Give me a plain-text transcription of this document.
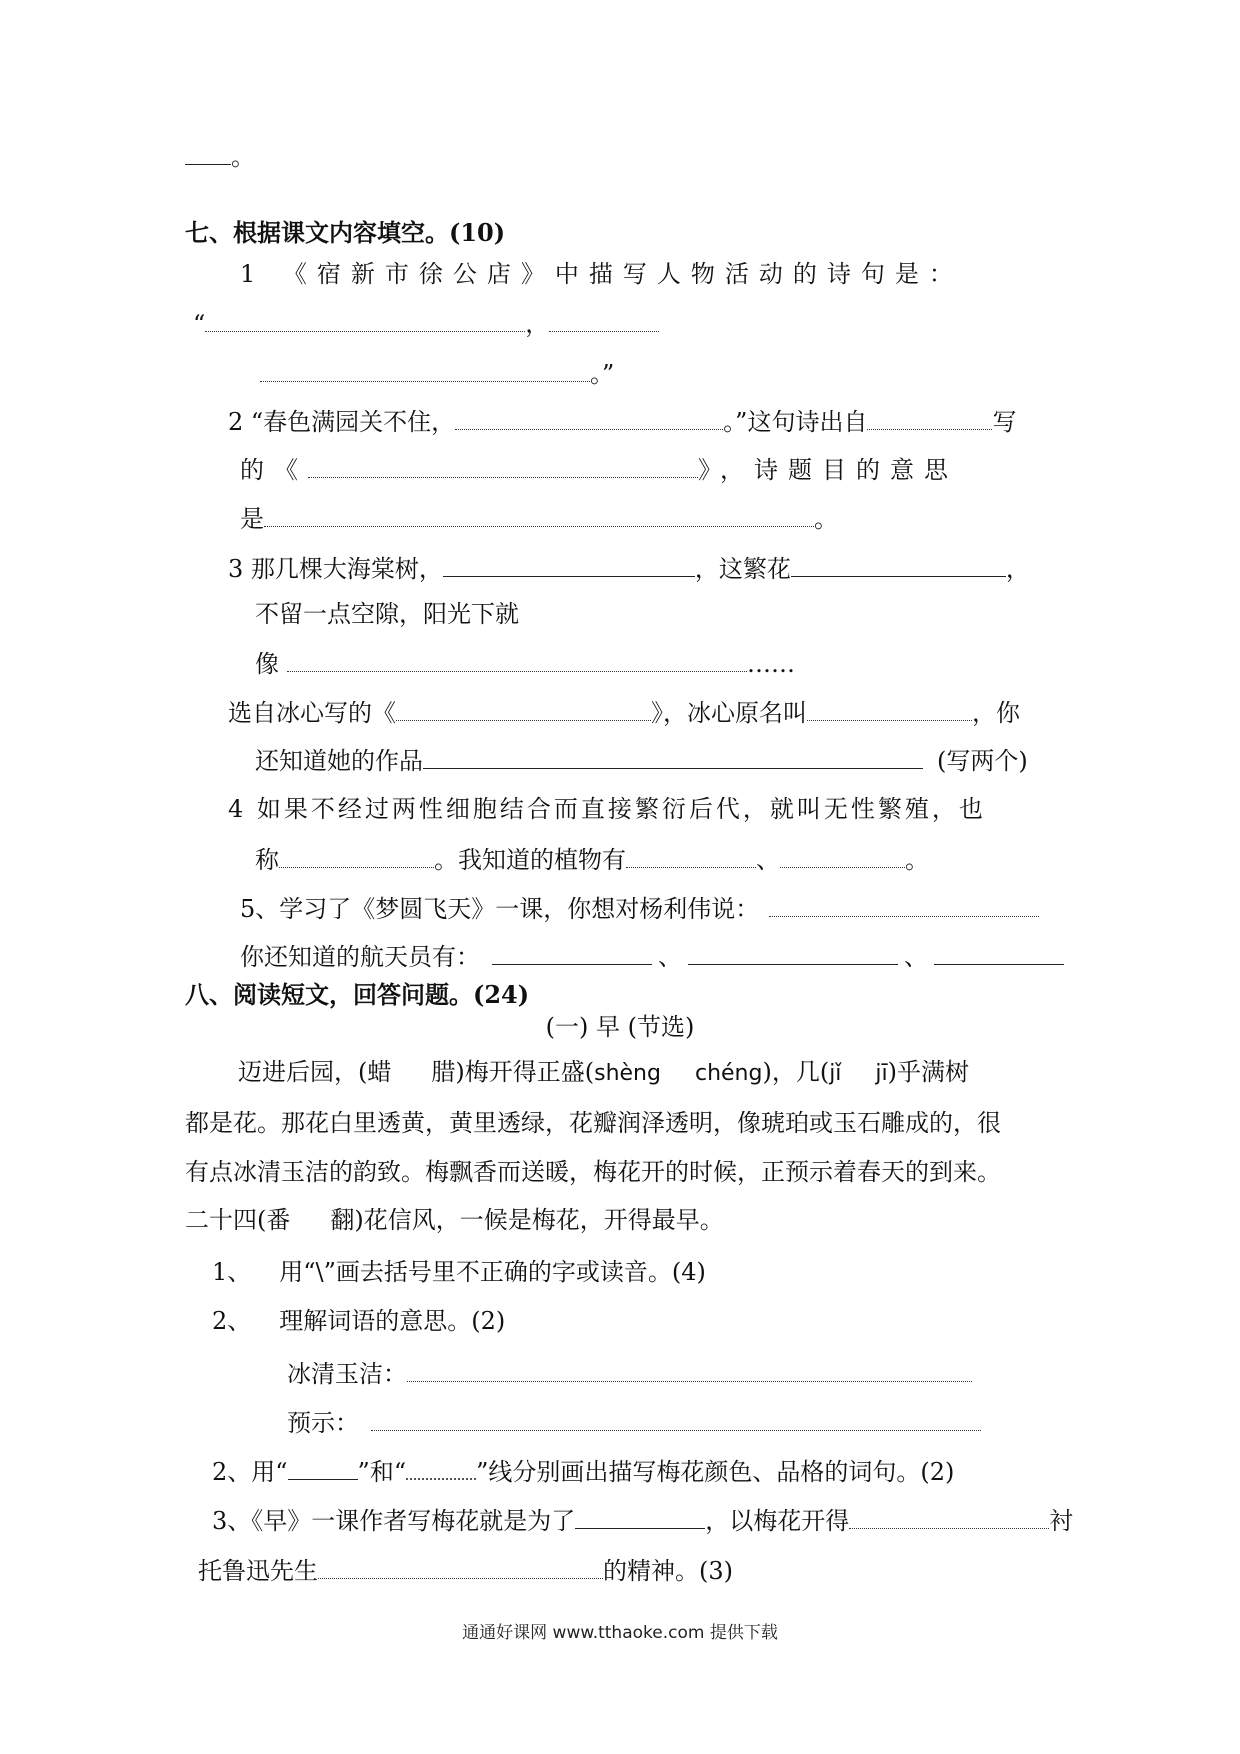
。
七、根据课文内容填空。(10)
1 《宿新市徐公店》中描写人物活动的诗句是：
“	，
。”
2 “春色满园关不住，	。”这句诗出自	写
的《	》，诗题目的意思
是	。
3 那几棵大海棠树，	，这繁花	，
不留一点空隙，阳光下就
像	……
选自冰心写的《	》，冰心原名叫	，你
还知道她的作品	(写两个)
4 如果不经过两性细胞结合而直接繁衍后代，就叫无性繁殖，也
称	。我知道的植物有	、	。
5、学习了《梦圆飞天》一课，你想对杨利伟说：
你还知道的航天员有：	、	、
八、阅读短文，回答问题。(24)
(一) 早 (节选)
迈进后园，(蜡 腊)梅开得正盛(shèng chéng)，几(jǐ jī)乎满树
都是花。那花白里透黄，黄里透绿，花瓣润泽透明，像琥珀或玉石雕成的，很
有点冰清玉洁的韵致。梅飘香而送暖，梅花开的时候，正预示着春天的到来。
二十四(番 翻)花信风，一候是梅花，开得最早。
1、 用“\”画去括号里不正确的字或读音。(4)
2、 理解词语的意思。(2)
冰清玉洁：
预示：
2、用“	”和“	”线分别画出描写梅花颜色、品格的词句。(2)
3、《早》一课作者写梅花就是为了	，以梅花开得	衬
托鲁迅先生	的精神。(3)
通通好课网 www.tthaoke.com 提供下载
